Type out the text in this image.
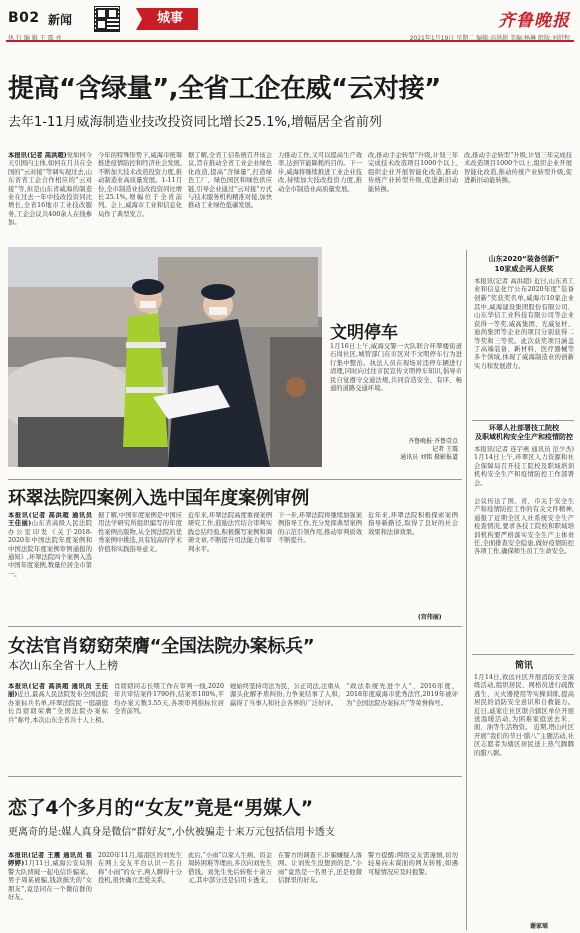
B02 新闻	城事	齐鲁晚报
执 行 编 辑 王 震 亮	2021年1月19日 星期二 编辑:高洪超 美编:杨琳 组版:刘舒程
提高“含绿量”,全省工企在威“云对接”
去年1-11月威海制造业技改投资同比增长25.1%,增幅居全省前列
本报讯(记者 高洪超)党如何今天引国内主体,如何在月共在全国的“云对接”等调实现过去,山东省省工企合作相应的“云对接”等,但是山东省威海的制造业在过去一年中技改投资同比增长,全省16地市工业技改服务,工企会议共400余人在线参加。
今年的特殊形势下,威海市统筹推进疫情防控和经济社会发展,不断加大技术改造投资力度,推动制造业高质量发展。1-11月份,全市制造业技改投资同比增长25.1%,增幅位于全省前列。会上,威海市工业和信息化局作了典型发言。
据了解,全省工信系统召开该会议,旨在推动全省工业企业绿色化改造,提高“含绿量”,打造绿色工厂、绿色园区和绿色供应链,引导企业通过“云对接”方式与技术服务机构精准对接,加快推动工业绿色低碳发展。
力推动工作,又可以提高生产效率,达到节能降耗的目的。下一步,威海将继续推进工业企业技改,持续加大技改投资力度,推动全市制造业高质量发展。
改,推动手企转型“升级,计划三年完成技术改造项目1000个以上,组织企业开展智能化改造,推动传统产业转型升级,促进新旧动能转换。
改,推动手企转型“升级,计划三年完成技术改造项目1000个以上,组织企业开展智能化改造,推动传统产业转型升级,促进新旧动能转换。
文明停车
1月16日上午,威海交警一大队联合环翠楼街道石岗社区,城管部门在市区对不文明停车行为进行集中整治。执法人员在现场对违停车辆进行清理,同时向过往市民宣传文明停车知识,倡导市民自觉遵守交通法规,共同营造安全、有序、畅通的道路交通环境。
齐鲁晚报·齐鲁壹点
记者 王震
通讯员 刘铭 摄影报道
环翠法院四案例入选中国年度案例审例
本报讯(记者 高洪超 通讯员 王佳丽)山东省高级人民法院办公室印发《关于2018-2020年中国法院年度案例和中国法院年度案例审例通报的通知》,环翠法院四个案例入选中国年度案例,数量位居全市第一。
据了解,中国年度案例是中国应用法学研究所组织编写的年度性案例出版物,从全国法院的优秀案例中挑选,具有较高的学术价值和实践指导意义。
近年来,环翠法院高度重视案例研究工作,鼓励法官结合审判实践总结经验,积极撰写案例和调研文章,不断提升司法能力和审判水平。
下一步,环翠法院将继续加强案例指导工作,充分发挥典型案例的示范引领作用,推动审判质效不断提升。
近年来,环翠法院积极探索案例指导新路径,取得了良好的社会效果和法律效果。
(宫伟丽)
女法官肖窈窈荣膺“全国法院办案标兵”
本次山东全省十人上榜
本报讯(记者 高洪超 通讯员 王佳丽)近日,最高人民法院发布全国法院办案标兵名单,环翠法院民一庭副庭长肖窈窈荣膺“全国法院办案标兵”称号,本次山东全省共十人上榜。
肖窈窈同志长期工作在审判一线,2020年共审结案件1790件,结案率100%,平均办案天数3.55天,各项审判指标位居全省前列。
她始终坚持司法为民、公正司法,注重从源头化解矛盾纠纷,力争案结事了人和,赢得了当事人和社会各界的广泛好评。
“政法系统先进个人”、2016年度、2018年度威海市优秀法官,2019年被评为“全国法院办案标兵”等荣誉称号。
恋了4个多月的“女友”竟是“男媒人”
更离奇的是:媒人真身是微信“群好友”,小伙被骗走十来万元包括信用卡透支
本报讯(记者 王震 通讯员 崔婷婷)1月11日,威海公安局刑警大队侦破一起电信诈骗案。男子周某被骗,钱款损失的“女朋友”,竟是同在一个微信群的好友。
2020年11月,临港区的刘先生在网上交友平台认识一名自称“小雨”的女子,两人聊得十分投机,很快确立恋爱关系。
此后,“小雨”以家人生病、资金周转困难等理由,多次向刘先生借钱。刘先生先后转账十余万元,其中部分还是信用卡透支。
在警方的调查下,诈骗嫌疑人落网。让刘先生没想到的是,“小雨”竟然是一名男子,还是他微信群里的好友。
警方提醒:网络交友需谨慎,切勿轻易向未谋面的网友转账,如遇可疑情况应及时报警。
山东2020“装备创新”
10家威企再人获奖
本报讯(记者 高洪超) 近日,山东省工业和信息化厅公布2020年度“装备创新”奖获奖名单,威海市10家企业
其中,威海建设集团股份有限公司、山东华信工业科技有限公司等企业获得一等奖,威高集团、光威复材、迪尚集团等企业的项目分别获得二等奖和三等奖。此次获奖项目涵盖了高端装备、新材料、医疗器械等多个领域,体现了威海制造业的创新实力和发展潜力。
环翠人社部署技工院校
及职域机构安全生产和疫情防控
本报讯(记者 连宇燕 通讯员 范少杰) 1月14日上午,环翠区人力资源和社会保障局召开技工院校及职域培训机构安全生产和疫情防控工作部署会。
会议传达了国、省、市关于安全生产和疫情防控工作的有关文件精神,通报了近期全区人社系统安全生产检查情况,要求各技工院校和职域培训机构要严格落实安全生产主体责任,全面排查安全隐患,做好疫情防控各项工作,确保师生员工生命安全。
简讯
1月14日,致远社区开展消防安全演练活动,组织居民、网格员进行疏散逃生、灭火器使用等实操训练,提高居民的消防安全意识和自救能力。 近日,戚家庄社区联合辖区单位开展送温暖活动,为困难家庭送去米、面、油等生活物资。 近期,塔山社区开展“我们的节日·腊八”主题活动,社区志愿者为辖区居民送上热气腾腾的腊八粥。
谢家瑶
